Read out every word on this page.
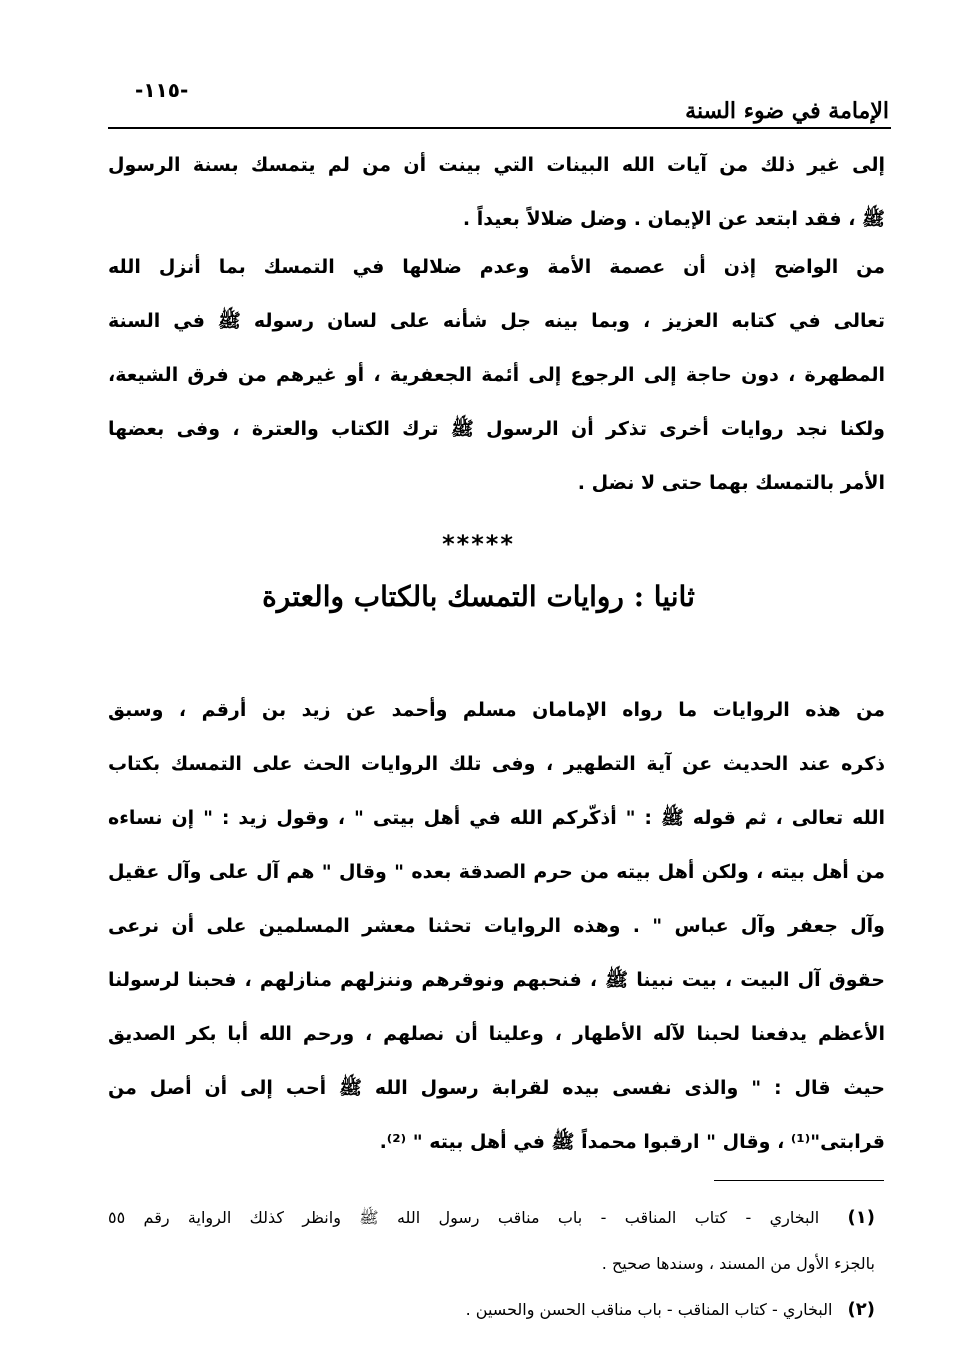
-١١٥-
الإمامة في ضوء السنة
إلى غير ذلك من آيات الله البينات التي بينت أن من لم يتمسك بسنة الرسول
ﷺ ، فقد ابتعد عن الإيمان . وضل ضلالاً بعيداً .
من الواضح إذن أن عصمة الأمة وعدم ضلالها في التمسك بما أنزل الله
تعالى في كتابه العزيز ، وبما بينه جل شأنه على لسان رسوله ﷺ في السنة
المطهرة ، دون حاجة إلى الرجوع إلى أئمة الجعفرية ، أو غيرهم من فرق الشيعة،
ولكنا نجد روايات أخرى تذكر أن الرسول ﷺ ترك الكتاب والعترة ، وفى بعضها
الأمر بالتمسك بهما حتى لا نضل .
*****
ثانيا : روايات التمسك بالكتاب والعترة
من هذه الروايات ما رواه الإمامان مسلم وأحمد عن زيد بن أرقم ، وسبق
ذكره عند الحديث عن آية التطهير ، وفى تلك الروايات الحث على التمسك بكتاب
الله تعالى ، ثم قوله ﷺ : " أذكّركم الله في أهل بيتى " ، وقول زيد : " إن نساءه
من أهل بيته ، ولكن أهل بيته من حرم الصدقة بعده " وقال " هم آل على وآل عقيل
وآل جعفر وآل عباس " . وهذه الروايات تحثنا معشر المسلمين على أن نرعى
حقوق آل البيت ، بيت نبينا ﷺ ، فنحبهم ونوقرهم وننزلهم منازلهم ، فحبنا لرسولنا
الأعظم يدفعنا لحبنا لآله الأطهار ، وعلينا أن نصلهم ، ورحم الله أبا بكر الصديق
حيث قال : " والذى نفسى بيده لقرابة رسول الله ﷺ أحب إلى أن أصل من
قرابتى"⁽¹⁾ ، وقال " ارقبوا محمداً ﷺ في أهل بيته " ⁽²⁾.
(١) البخاري - كتاب المناقب - باب مناقب رسول الله ﷺ وانظر كذلك الرواية رقم ٥٥
بالجزء الأول من المسند ، وسندها صحيح .
(٢) البخاري - كتاب المناقب - باب مناقب الحسن والحسين .
